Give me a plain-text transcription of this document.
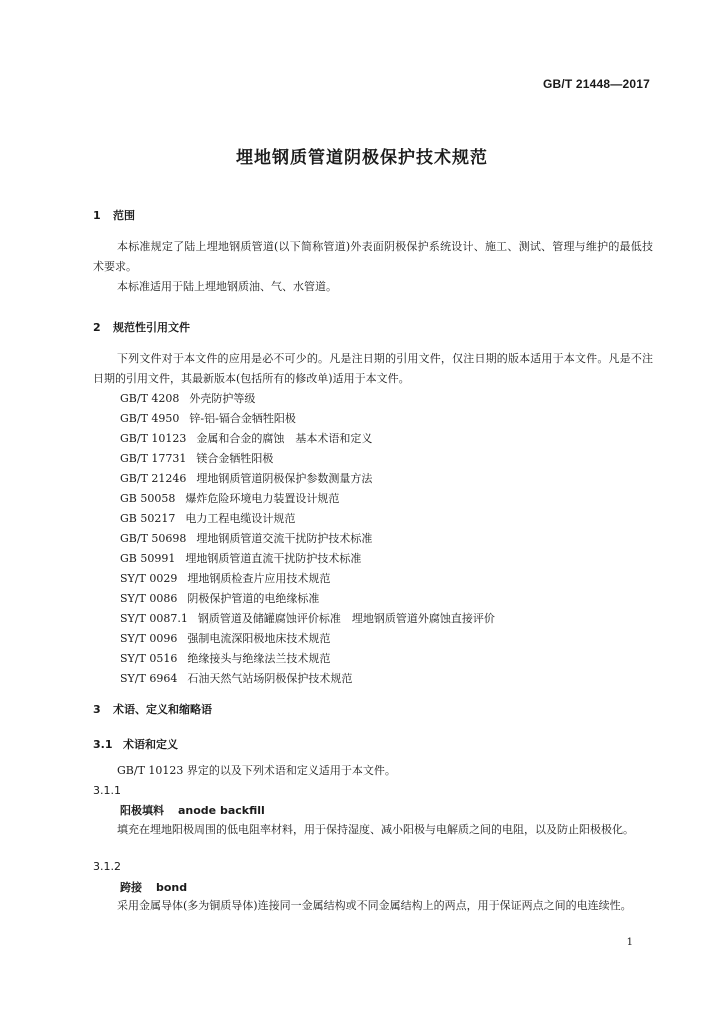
GB/T 21448—2017
埋地钢质管道阴极保护技术规范
1 范围
本标准规定了陆上埋地钢质管道(以下简称管道)外表面阴极保护系统设计、施工、测试、管理与维护的最低技术要求。
本标准适用于陆上埋地钢质油、气、水管道。
2 规范性引用文件
下列文件对于本文件的应用是必不可少的。凡是注日期的引用文件，仅注日期的版本适用于本文件。凡是不注日期的引用文件，其最新版本(包括所有的修改单)适用于本文件。
GB/T 4208 外壳防护等级
GB/T 4950 锌-铝-镉合金牺牲阳极
GB/T 10123 金属和合金的腐蚀　基本术语和定义
GB/T 17731 镁合金牺牲阳极
GB/T 21246 埋地钢质管道阴极保护参数测量方法
GB 50058 爆炸危险环境电力装置设计规范
GB 50217 电力工程电缆设计规范
GB/T 50698 埋地钢质管道交流干扰防护技术标准
GB 50991 埋地钢质管道直流干扰防护技术标准
SY/T 0029 埋地钢质检查片应用技术规范
SY/T 0086 阴极保护管道的电绝缘标准
SY/T 0087.1 钢质管道及储罐腐蚀评价标准　埋地钢质管道外腐蚀直接评价
SY/T 0096 强制电流深阳极地床技术规范
SY/T 0516 绝缘接头与绝缘法兰技术规范
SY/T 6964 石油天然气站场阴极保护技术规范
3 术语、定义和缩略语
3.1 术语和定义
GB/T 10123 界定的以及下列术语和定义适用于本文件。
3.1.1
阳极填料 anode backfill
填充在埋地阳极周围的低电阻率材料，用于保持湿度、减小阳极与电解质之间的电阻，以及防止阳极极化。
3.1.2
跨接 bond
采用金属导体(多为铜质导体)连接同一金属结构或不同金属结构上的两点，用于保证两点之间的电连续性。
1
